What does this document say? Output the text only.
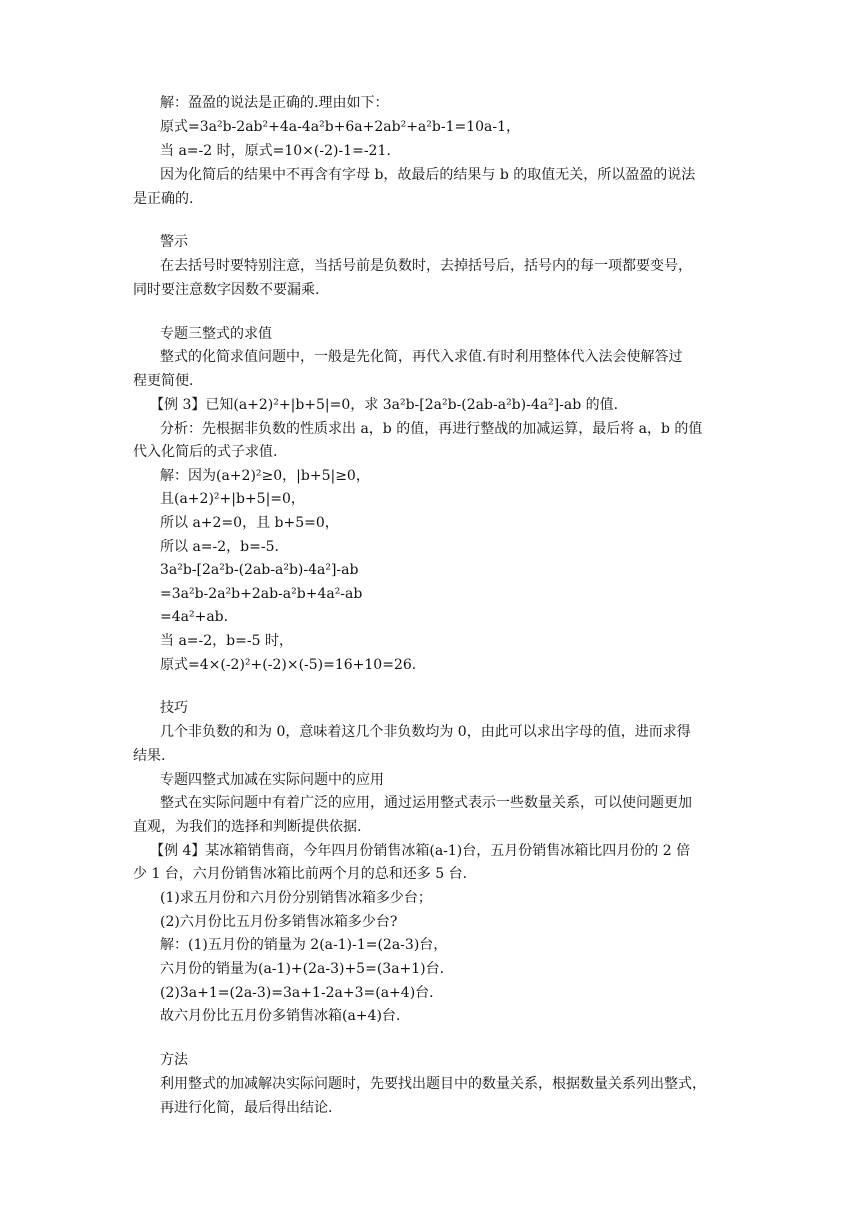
解：盈盈的说法是正确的.理由如下：
原式=3a²b-2ab²+4a-4a²b+6a+2ab²+a²b-1=10a-1，
当 a=-2 时，原式=10×(-2)-1=-21.
因为化简后的结果中不再含有字母 b，故最后的结果与 b 的取值无关，所以盈盈的说法
是正确的.
警示
在去括号时要特别注意，当括号前是负数时，去掉括号后，括号内的每一项都要变号，
同时要注意数字因数不要漏乘.
专题三整式的求值
整式的化简求值问题中，一般是先化简，再代入求值.有时利用整体代入法会使解答过
程更简便.
【例 3】已知(a+2)²+|b+5|=0，求 3a²b-[2a²b-(2ab-a²b)-4a²]-ab 的值.
分析：先根据非负数的性质求出 a，b 的值，再进行整战的加减运算，最后将 a，b 的值
代入化简后的式子求值.
解：因为(a+2)²≥0，|b+5|≥0，
且(a+2)²+|b+5|=0，
所以 a+2=0，且 b+5=0，
所以 a=-2，b=-5.
3a²b-[2a²b-(2ab-a²b)-4a²]-ab
=3a²b-2a²b+2ab-a²b+4a²-ab
=4a²+ab.
当 a=-2，b=-5 时，
原式=4×(-2)²+(-2)×(-5)=16+10=26.
技巧
几个非负数的和为 0，意味着这几个非负数均为 0，由此可以求出字母的值，进而求得
结果.
专题四整式加减在实际问题中的应用
整式在实际问题中有着广泛的应用，通过运用整式表示一些数量关系，可以使问题更加
直观，为我们的选择和判断提供依据.
【例 4】某冰箱销售商，今年四月份销售冰箱(a-1)台，五月份销售冰箱比四月份的 2 倍
少 1 台，六月份销售冰箱比前两个月的总和还多 5 台.
(1)求五月份和六月份分别销售冰箱多少台；
(2)六月份比五月份多销售冰箱多少台?
解：(1)五月份的销量为 2(a-1)-1=(2a-3)台，
六月份的销量为(a-1)+(2a-3)+5=(3a+1)台.
(2)3a+1=(2a-3)=3a+1-2a+3=(a+4)台.
故六月份比五月份多销售冰箱(a+4)台.
方法
利用整式的加减解决实际问题时，先要找出题目中的数量关系，根据数量关系列出整式，
再进行化简，最后得出结论.
